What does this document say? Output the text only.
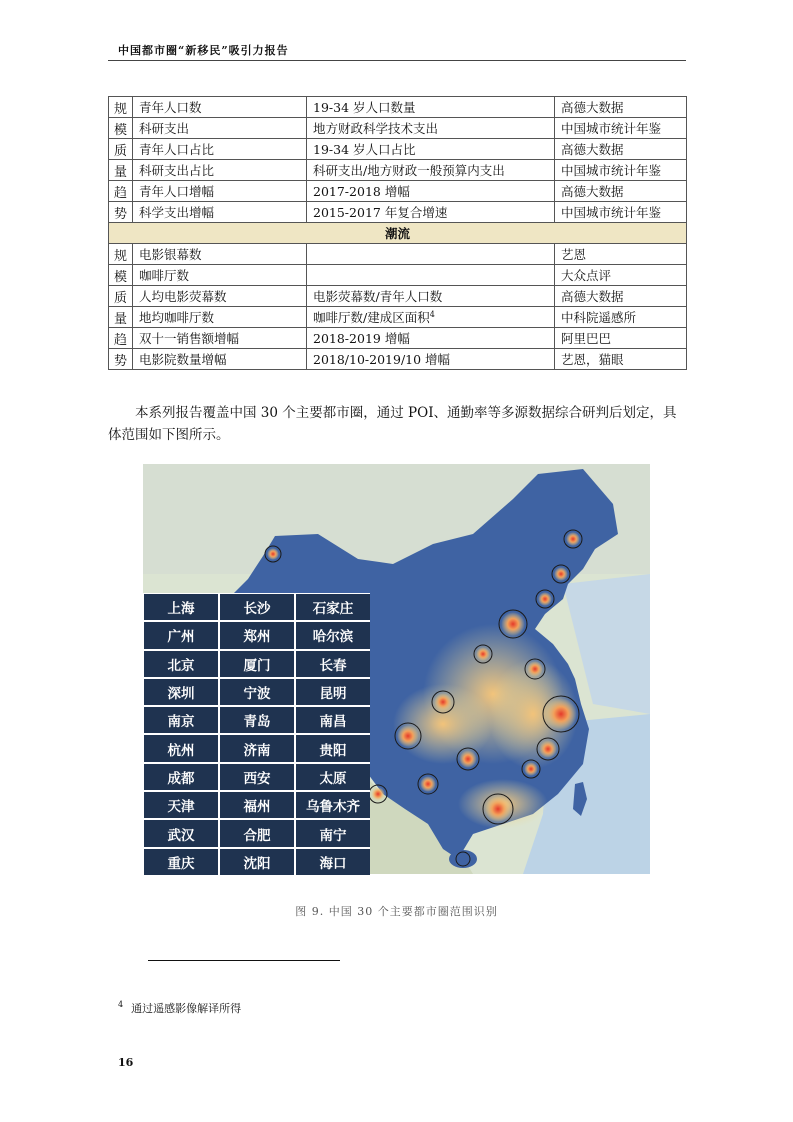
中国都市圈“新移民”吸引力报告
规	青年人口数	19-34 岁人口数量	高德大数据
模	科研支出	地方财政科学技术支出	中国城市统计年鉴
质	青年人口占比	19-34 岁人口占比	高德大数据
量	科研支出占比	科研支出/地方财政一般预算内支出	中国城市统计年鉴
趋	青年人口增幅	2017-2018 增幅	高德大数据
势	科学支出增幅	2015-2017 年复合增速	中国城市统计年鉴
潮流			
规	电影银幕数		艺恩
模	咖啡厅数		大众点评
质	人均电影荧幕数	电影荧幕数/青年人口数	高德大数据
量	地均咖啡厅数	咖啡厅数/建成区面积$^4$	中科院遥感所
趋	双十一销售额增幅	2018-2019 增幅	阿里巴巴
势	电影院数量增幅	2018/10-2019/10 增幅	艺恩，猫眼
本系列报告覆盖中国 30 个主要都市圈，通过 POI、通勤率等多源数据综合研判后划定，具体范围如下图所示。
上海	长沙	石家庄
广州	郑州	哈尔滨
北京	厦门	长春
深圳	宁波	昆明
南京	青岛	南昌
杭州	济南	贵阳
成都	西安	太原
天津	福州	乌鲁木齐
武汉	合肥	南宁
重庆	沈阳	海口
图 9. 中国 30 个主要都市圈范围识别
$^4$ 通过遥感影像解译所得
16
